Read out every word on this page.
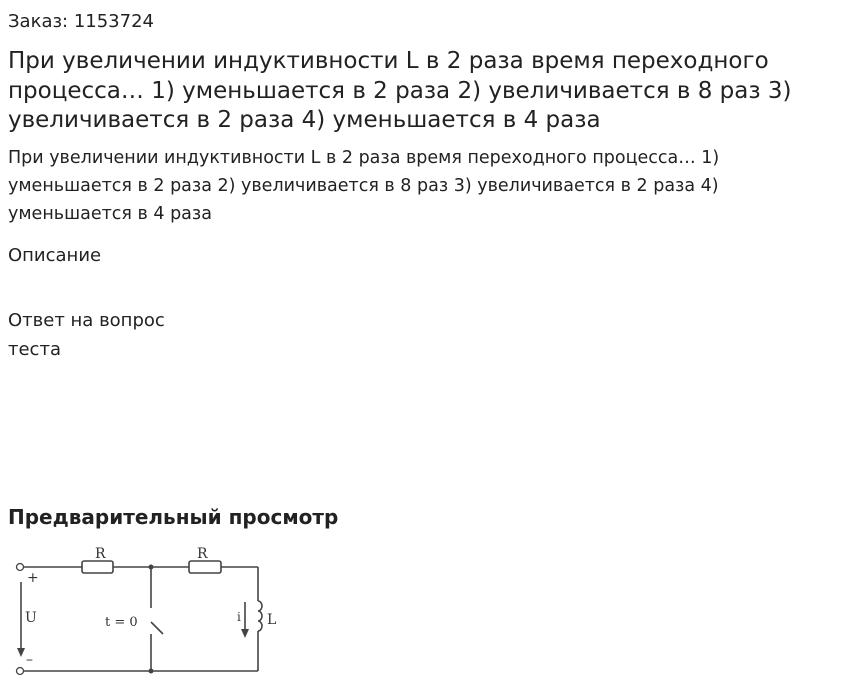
Заказ: 1153724
При увеличении индуктивности L в 2 раза время переходного процесса… 1) уменьшается в 2 раза 2) увеличивается в 8 раз 3) увеличивается в 2 раза 4) уменьшается в 4 раза

При увеличении индуктивности L в 2 раза время переходного процесса… 1) уменьшается в 2 раза 2) увеличивается в 8 раз 3) увеличивается в 2 раза 4) уменьшается в 4 раза

Описание
Ответ на вопрос теста
Предварительный просмотр
R	R
+
–
U	t = 0	i L
